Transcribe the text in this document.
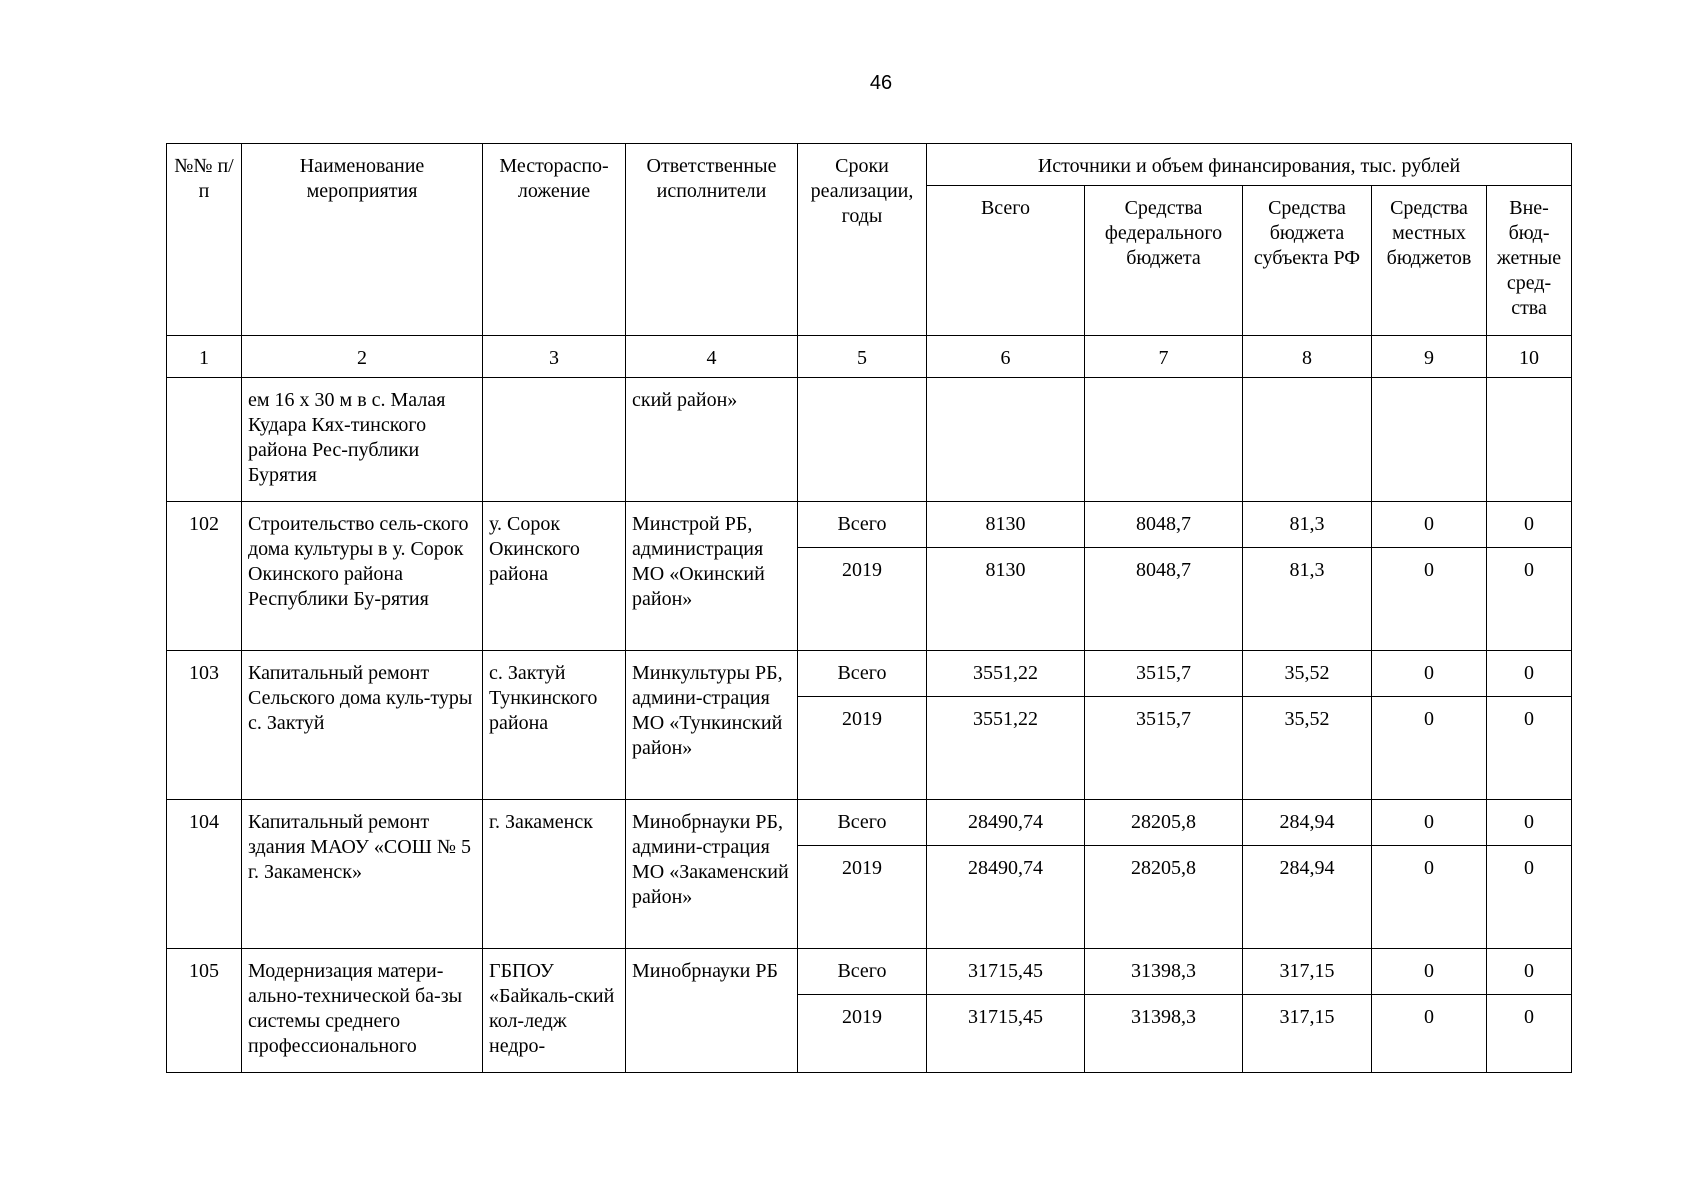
46
№№ п/п	Наименование мероприятия	Местораспо-ложение	Ответственные исполнители	Сроки реализации, годы	Источники и объем финансирования, тыс. рублей				
					Всего	Средства федерального бюджета	Средства бюджета субъекта РФ	Средства местных бюджетов	Вне-бюд-жетные сред-ства
1	2	3	4	5	6	7	8	9	10
	ем 16 х 30 м в с. Малая Кудара Кях-тинского района Рес-публики Бурятия		ский район»						
102	Строительство сель-ского дома культуры в у. Сорок Окинского района Республики Бу-рятия	у. Сорок Окинского района	Минстрой РБ, администрация МО «Окинский район»	Всего	8130	8048,7	81,3	0	0
				2019	8130	8048,7	81,3	0	0
103	Капитальный ремонт Сельского дома куль-туры с. Зактуй	с. Зактуй Тункинского района	Минкультуры РБ, админи-страция МО «Тункинский район»	Всего	3551,22	3515,7	35,52	0	0
				2019	3551,22	3515,7	35,52	0	0
104	Капитальный ремонт здания МАОУ «СОШ № 5 г. Закаменск»	г. Закаменск	Минобрнауки РБ, админи-страция МО «Закаменский район»	Всего	28490,74	28205,8	284,94	0	0
				2019	28490,74	28205,8	284,94	0	0
105	Модернизация матери-ально-технической ба-зы системы среднего профессионального	ГБПОУ «Байкаль-ский кол-ледж недро-	Минобрнауки РБ	Всего	31715,45	31398,3	317,15	0	0
				2019	31715,45	31398,3	317,15	0	0
